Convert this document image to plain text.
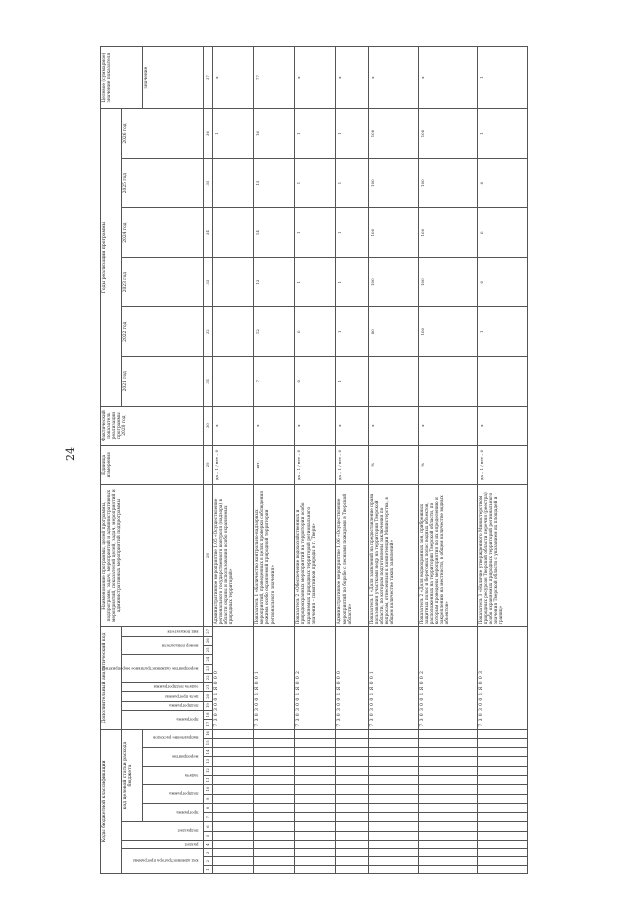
24
Коды бюджетной классификации																Дополнительный аналитический код											Наименование программы, целей программы, подпрограмм, задач, мероприятий и административных мероприятий, показателей целей, задач, мероприятий и административных мероприятий подпрограммы	Единица измерения	Фактический показатель реализации программы 2020 год	Годы реализации программы						Целевое (суммарное) значение показателя

код администратора программы			раздел	подраздел		код целевой статьи расхода бюджета										программа		подпрограмма	цель программы	задача подпрограммы	мероприятие (административное мероприятие)			номер показателя		вид показателя				2021 год	2022 год	2023 год	2024 год	2025 год	2026 год	

						программа		подпрограмма		задача		мероприятие		направление расходов																						значение
1	2	3	4	5	6	7	8	9	10	11	12	13	14	15	16	17	18	19	20	21	22	23	24	25	26	27	28	29	30	31	32	33	34	35	36	37
																7 3 0 3 0 0 1 Я 0 0 0											Административное мероприятие 1.05 «Осуществление регионального государственного контроля (надзора) в области охраны и использования особо охраняемых природных территорий»	да – 1 / нет – 0	х						1	х
																7 3 0 3 0 0 1 Я 0 0 1											Показатель 1 «Количество контрольно-надзорных мероприятий, проведенных в целях проверки соблюдения режима особо охраняемой природной территории регионального значения»	шт.	х	7	12	13	14	15	16	77
																7 3 0 3 0 0 1 Я 0 0 2											Показатель 2 «Обеспечение водохозяйственных и природоохранных мероприятий на территории особо охраняемых природных территорий регионального значения – памятников природы в г. Твери»	да – 1 / нет – 0	х	0	0	1	1	1	1	х
																7 3 0 3 0 0 1 Я 0 0 0											Административное мероприятие 1.06 «Осуществление мероприятий по борьбе с лесными пожарами в Тверской области»	да – 1 / нет – 0	х	1	1	1	1	1	1	х
																7 3 0 3 0 0 1 Я 0 0 1											Показатель 1 «Доля заявлений на предоставление права пользования участками недр на территории Тверской области, по которым подготовлены заключения по вопросам, отнесенным к компетенции Министерства, в общем количестве таких заявлений»	%	х		80	100	100	100	100	х
																7 3 0 3 0 0 1 Я 0 0 2											Показатель 2 «Доля водоохранных зон, прибрежных защитных полос и береговых полос водных объектов, расположенных на территории Тверской области, по которым проведены мероприятия по их определению и закреплению на местности, в общем количестве водных объектов»	%	х		100	100	100	100	100	х
																7 3 0 3 0 0 1 Я 0 0 3											Показатель 3 «Наличие утвержденного Министерством природных ресурсов Тверской области перечня (реестра) особо охраняемых природных территорий регионального значения Тверской области с указанием их площадей и границ»	да – 1 / нет – 0	х		1	0	0	0	1	1
